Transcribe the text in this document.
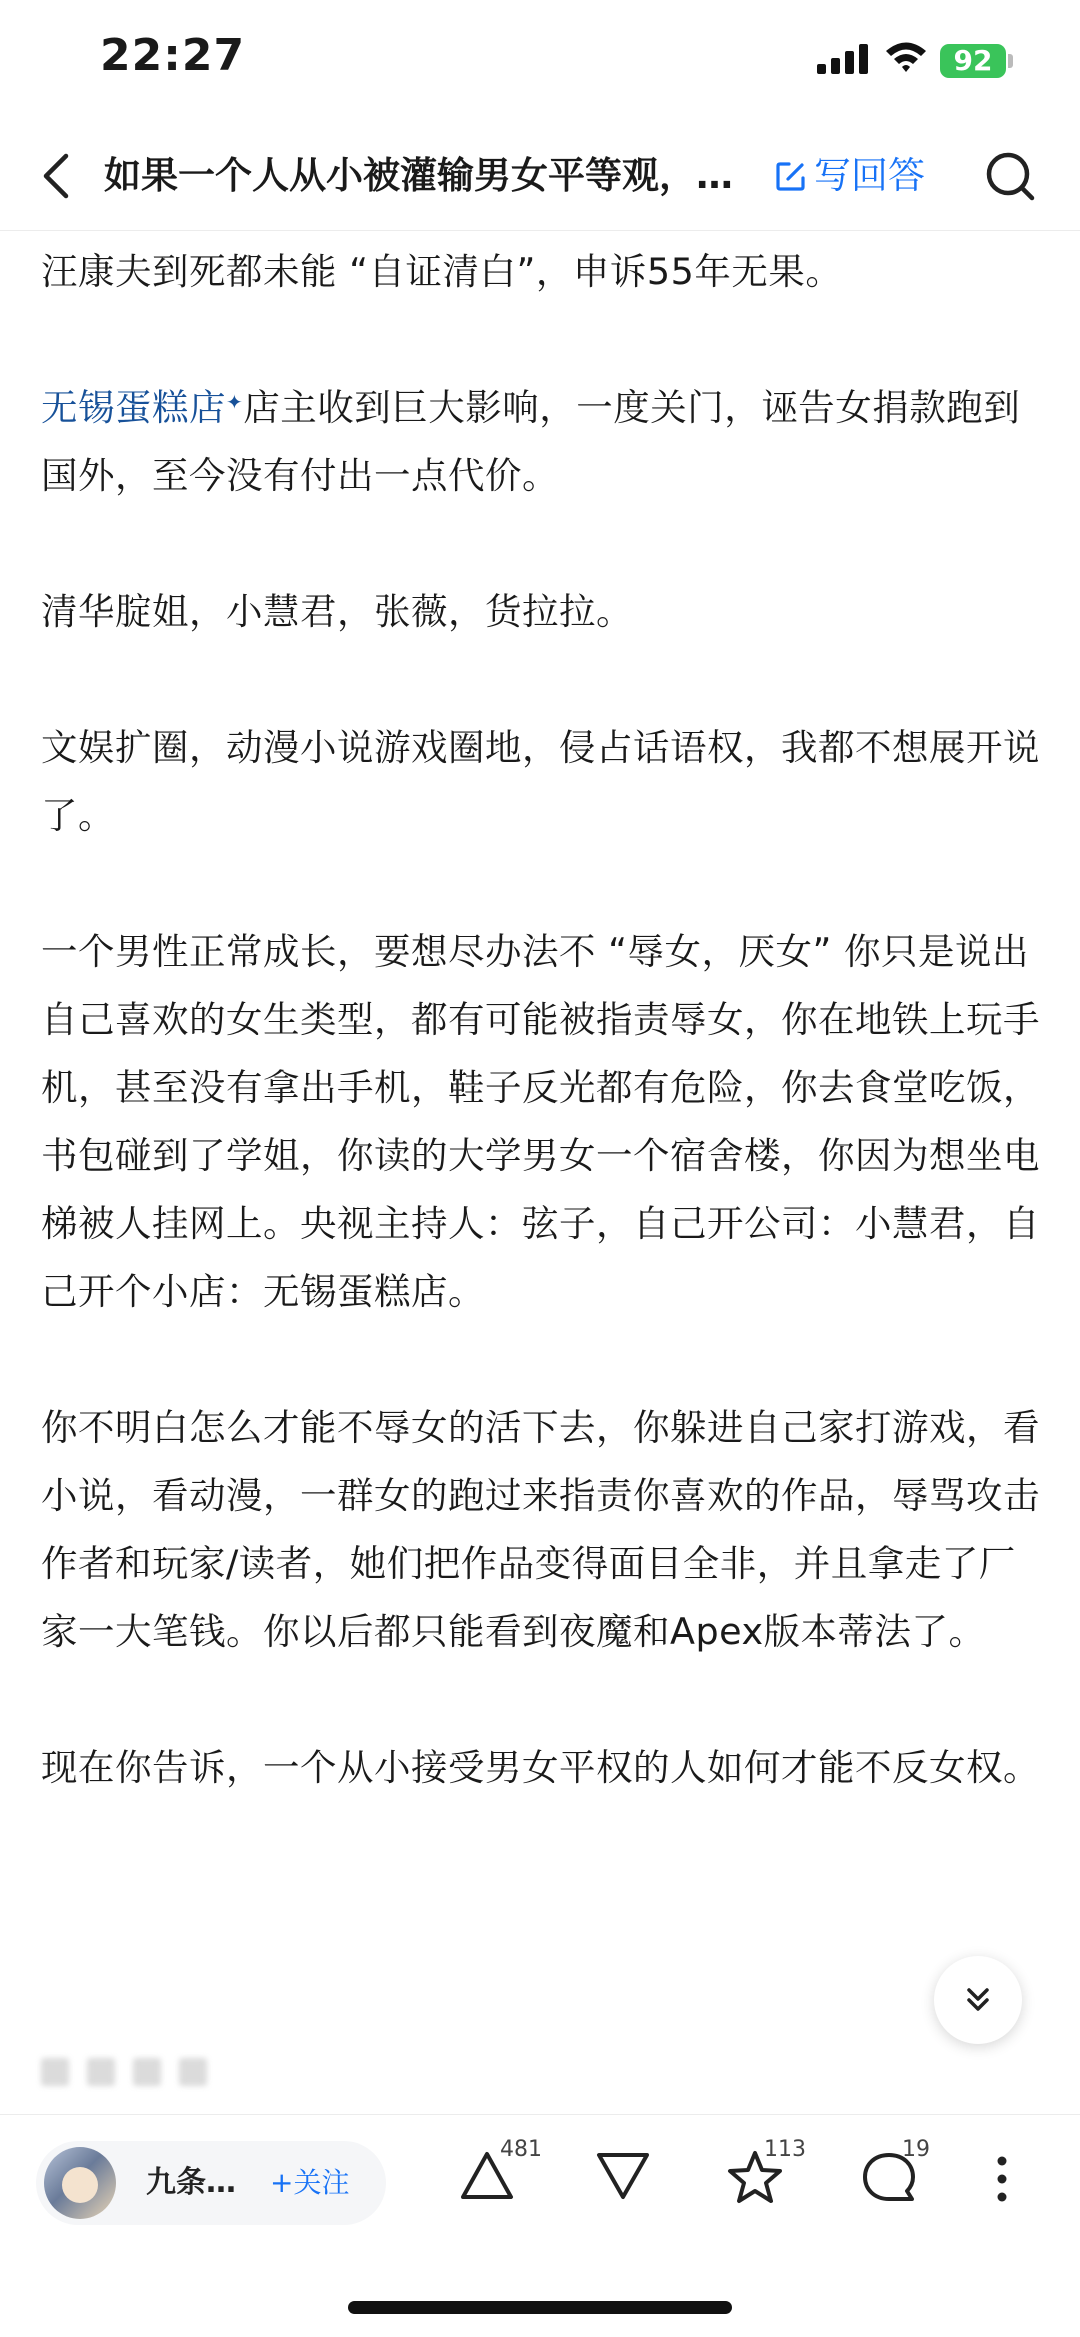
22:27	92
如果一个人从小被灌输男女平等观，…	写回答

汪康夫到死都未能 “自证清白”，申诉55年无果。

无锡蛋糕店✦店主收到巨大影响，一度关门，诬告女捐款跑到国外，至今没有付出一点代价。

清华腚姐，小慧君，张薇，货拉拉。

文娱扩圈，动漫小说游戏圈地，侵占话语权，我都不想展开说了。

一个男性正常成长，要想尽办法不 “辱女，厌女” 你只是说出自己喜欢的女生类型，都有可能被指责辱女，你在地铁上玩手机，甚至没有拿出手机，鞋子反光都有危险，你去食堂吃饭，书包碰到了学姐，你读的大学男女一个宿舍楼，你因为想坐电梯被人挂网上。央视主持人：弦子，自己开公司：小慧君，自己开个小店：无锡蛋糕店。

你不明白怎么才能不辱女的活下去，你躲进自己家打游戏，看小说，看动漫，一群女的跑过来指责你喜欢的作品，辱骂攻击作者和玩家/读者，她们把作品变得面目全非，并且拿走了厂家一大笔钱。你以后都只能看到夜魔和Apex版本蒂法了。

现在你告诉，一个从小接受男女平权的人如何才能不反女权。

九条… +关注
481	113	19
